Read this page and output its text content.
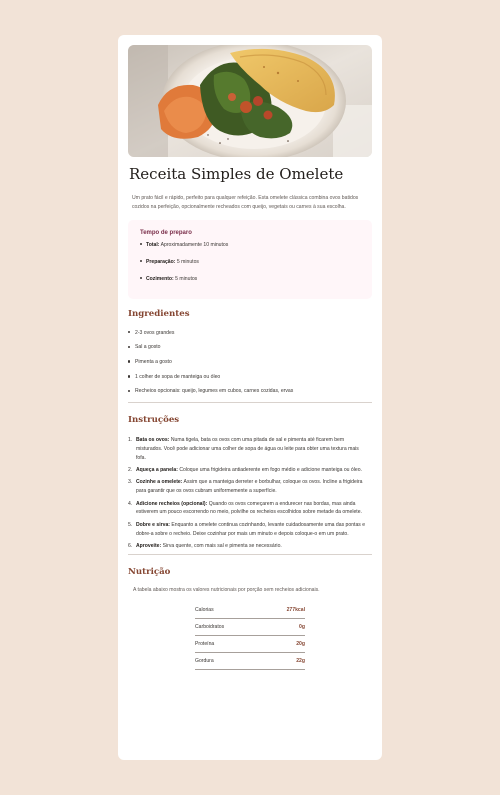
Receita Simples de Omelete

Um prato fácil e rápido, perfeito para qualquer refeição. Esta omelete clássica combina ovos batidos cozidos na perfeição, opcionalmente recheados com queijo, vegetais ou carnes à sua escolha.

Tempo de preparo
Total: Aproximadamente 10 minutos
Preparação: 5 minutos
Cozimento: 5 minutos
Ingredientes
2-3 ovos grandes
Sal a gosto
Pimenta a gosto
1 colher de sopa de manteiga ou óleo
Recheios opcionais: queijo, legumes em cubos, carnes cozidas, ervas
Instruções
1. Bata os ovos: Numa tigela, bata os ovos com uma pitada de sal e pimenta até ficarem bem misturados. Você pode adicionar uma colher de sopa de água ou leite para obter uma textura mais fofa.
2. Aqueça a panela: Coloque uma frigideira antiaderente em fogo médio e adicione manteiga ou óleo.
3. Cozinhe a omelete: Assim que a manteiga derreter e borbulhar, coloque os ovos. Incline a frigideira para garantir que os ovos cubram uniformemente a superfície.
4. Adicione recheios (opcional): Quando os ovos começarem a endurecer nas bordas, mas ainda estiverem um pouco escorrendo no meio, polvilhe os recheios escolhidos sobre metade da omelete.
5. Dobre e sirva: Enquanto a omelete continua cozinhando, levante cuidadosamente uma das pontas e dobre-a sobre o recheio. Deixe cozinhar por mais um minuto e depois coloque-o em um prato.
6. Aproveite: Sirva quente, com mais sal e pimenta se necessário.
Nutrição

A tabela abaixo mostra os valores nutricionais por porção sem recheios adicionais.

Calorias	277kcal
Carboidratos	0g
Proteína	20g
Gordura	22g
